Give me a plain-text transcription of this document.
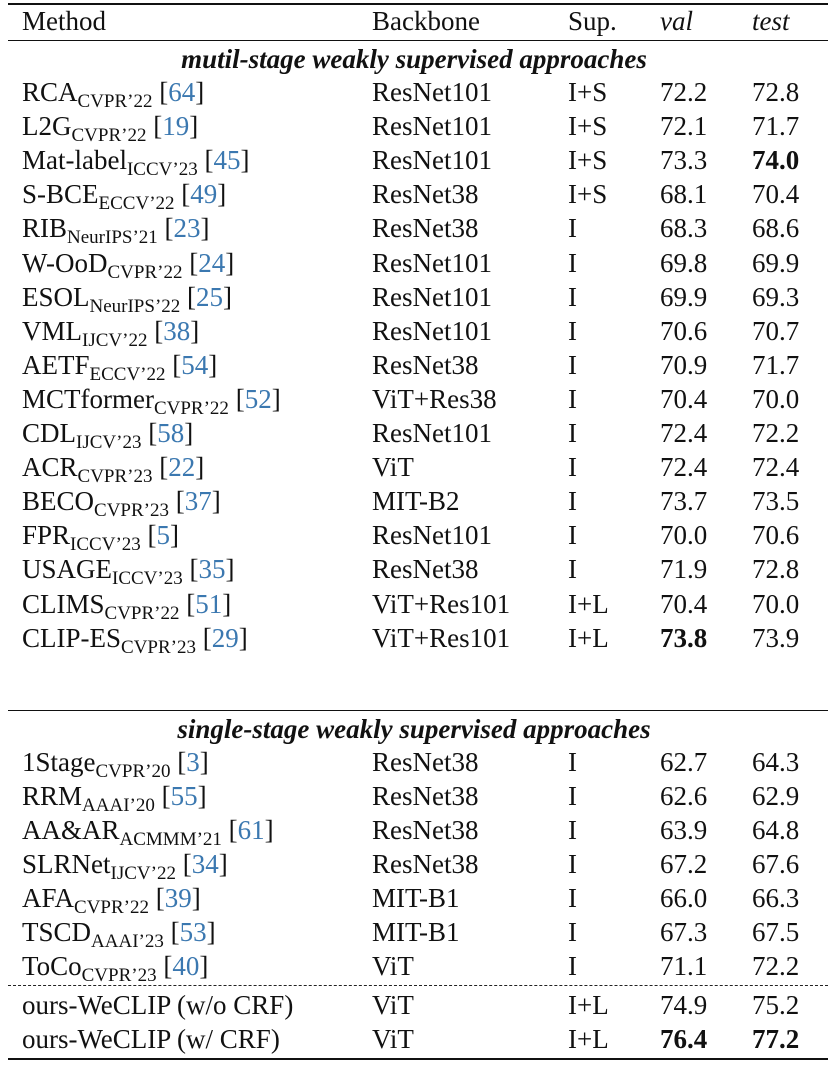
Method	Backbone	Sup. val test
mutil-stage weakly supervised approaches
$RCA_{CVPR’22}$ [64]	ResNet101	I+S 72.2 72.8
$L2G_{CVPR’22}$ [19]	ResNet101	I+S 72.1 71.7
Mat-label$_{ICCV’23}$ [45]	ResNet101	I+S 73.3 74.0
$S-BCE_{ECCV’22}$ [49]	ResNet38	I+S 68.1 70.4
$RIB_{NeurIPS’21}$ [23]	ResNet38	I	68.3 68.6
W-OoD$_{CVPR’22}$ [24]	ResNet101	I	69.8 69.9
$ESOL_{NeurIPS’22}$ [25]	ResNet101	I	69.9 69.3
$VML_{IJCV’22}$ [38]	ResNet101	I	70.6 70.7
$AETF_{ECCV’22}$ [54]	ResNet38	I	70.9 71.7
MCTformer$_{CVPR’22}$ [52]	ViT+Res38	I	70.4 70.0
$CDL_{IJCV’23}$ [58]	ResNet101	I	72.4 72.2
$ACR_{CVPR’23}$ [22]	ViT	I	72.4 72.4
$BECO_{CVPR’23}$ [37]	MIT-B2	I	73.7 73.5
$FPR_{ICCV’23}$ [5]	ResNet101	I	70.0 70.6
$USAGE_{ICCV’23}$ [35]	ResNet38	I	71.9 72.8
$CLIMS_{CVPR’22}$ [51]	ViT+Res101 I+L 70.4 70.0
CLIP-$ES_{CVPR’23}$ [29]	ViT+Res101 I+L 73.8 73.9
single-stage weakly supervised approaches
1Stage$_{CVPR’20}$ [3]	ResNet38	I	62.7 64.3
$RRM_{AAAI’20}$ [55]	ResNet38	I	62.6 62.9
$AA\&AR_{ACMMM’21}$ [61]	ResNet38	I	63.9 64.8
SLRNet$_{IJCV’22}$ [34]	ResNet38	I	67.2 67.6
$AFA_{CVPR’22}$ [39]	MIT-B1	I	66.0 66.3
$TSCD_{AAAI’23}$ [53]	MIT-B1	I	67.3 67.5
ToCo$_{CVPR’23}$ [40]	ViT	I	71.1 72.2
ours-WeCLIP (w/o CRF)	ViT	I+L 74.9 75.2
ours-WeCLIP (w/ CRF)	ViT	I+L 76.4 77.2
